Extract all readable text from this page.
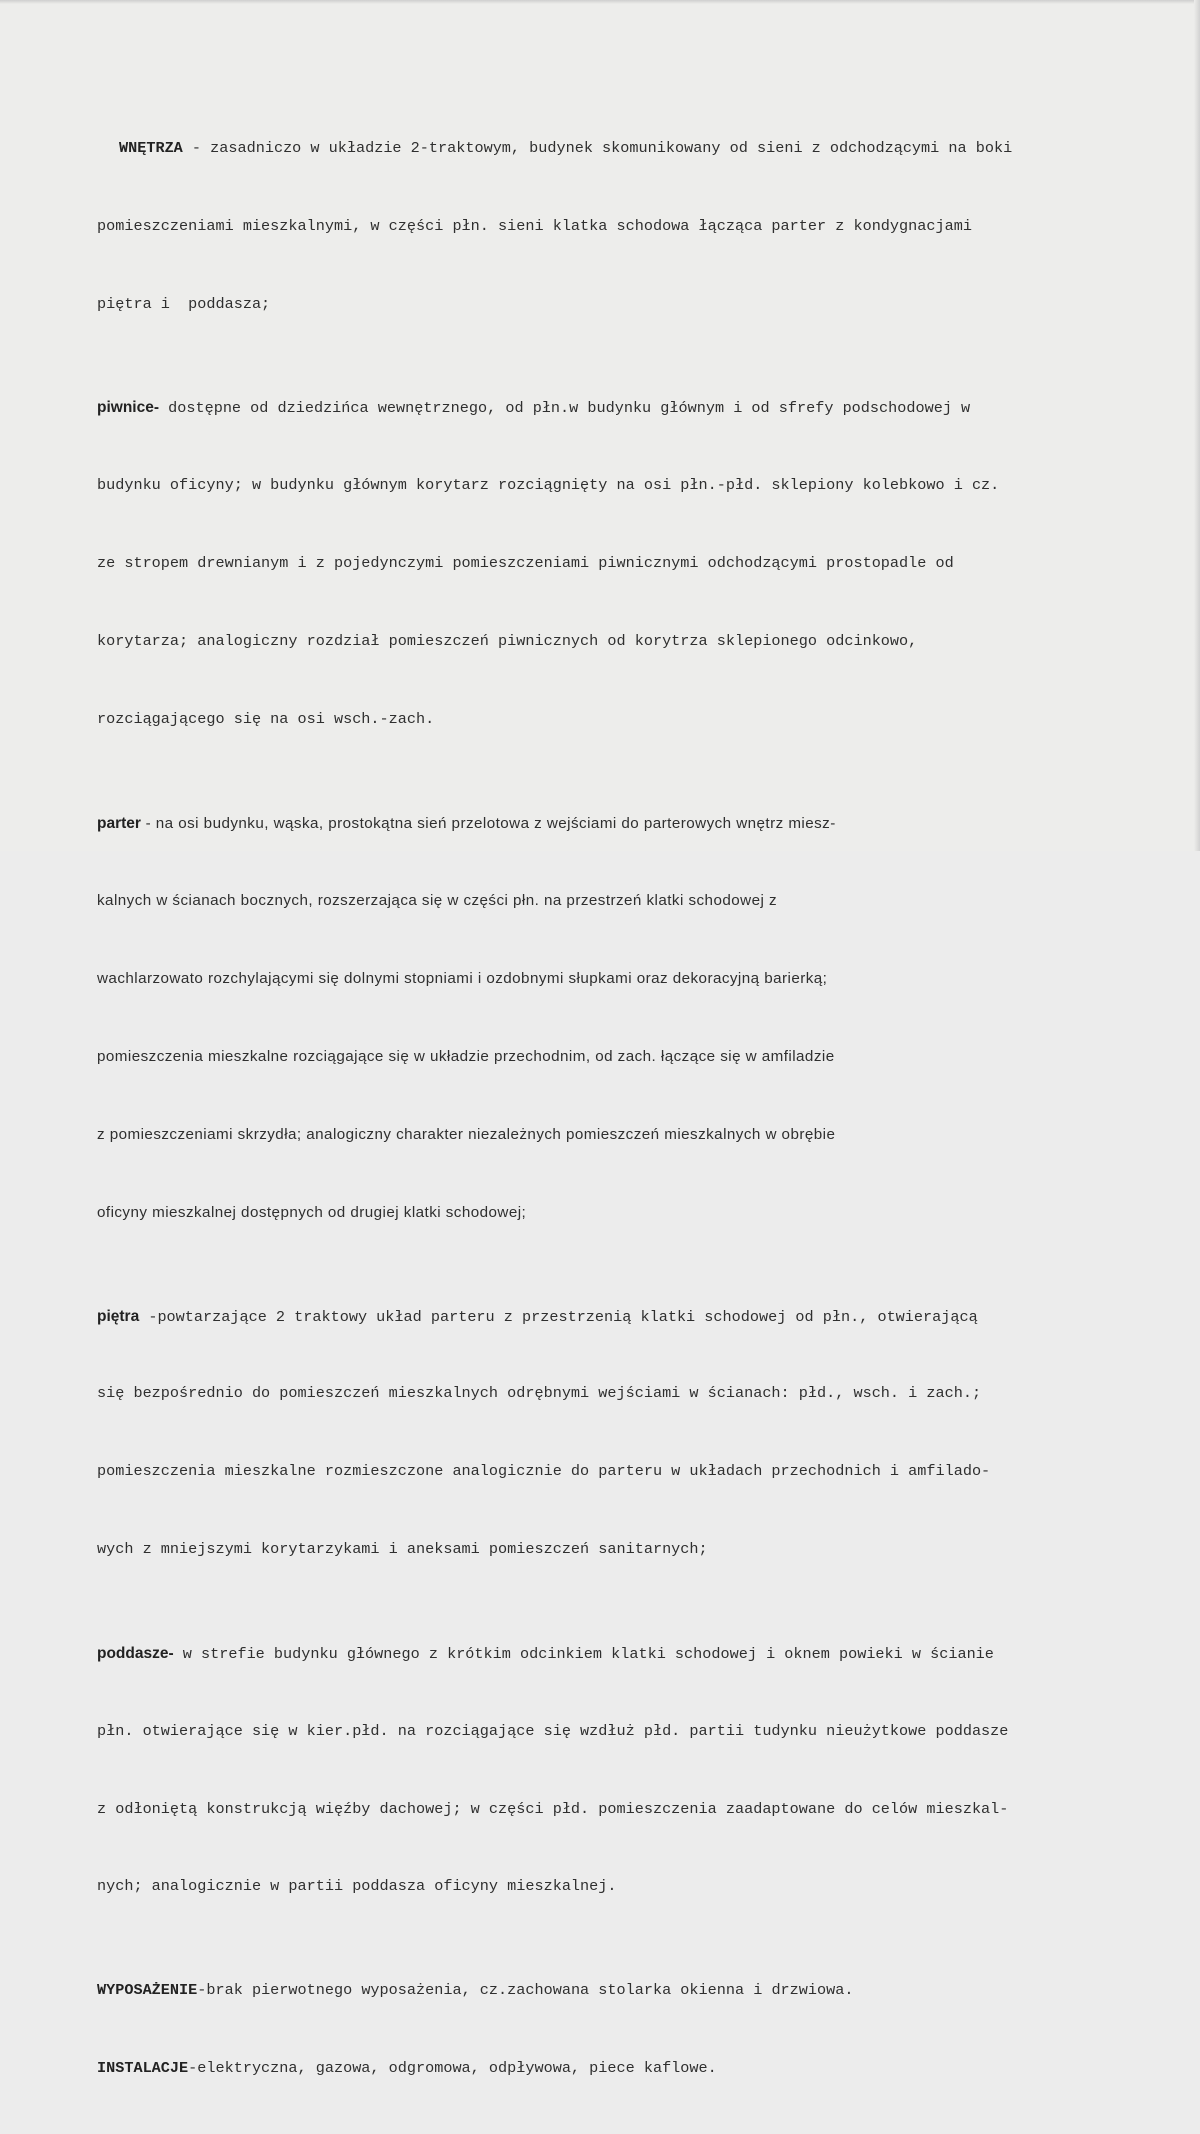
WNĘTRZA - zasadniczo w układzie 2-traktowym, budynek skomunikowany od sieni z odchodzącymi na boki

pomieszczeniami mieszkalnymi, w części płn. sieni klatka schodowa łącząca parter z kondygnacjami

piętra i  poddasza;

piwnice- dostępne od dziedzińca wewnętrznego, od płn.w budynku głównym i od sfrefy podschodowej w

budynku oficyny; w budynku głównym korytarz rozciągnięty na osi płn.-płd. sklepiony kolebkowo i cz.

ze stropem drewnianym i z pojedynczymi pomieszczeniami piwnicznymi odchodzącymi prostopadle od

korytarza; analogiczny rozdział pomieszczeń piwnicznych od korytrza sklepionego odcinkowo,

rozciągającego się na osi wsch.-zach.

parter - na osi budynku, wąska, prostokątna sień przelotowa z wejściami do parterowych wnętrz miesz-

kalnych w ścianach bocznych, rozszerzająca się w części płn. na przestrzeń klatki schodowej z

wachlarzowato rozchylającymi się dolnymi stopniami i ozdobnymi słupkami oraz dekoracyjną barierką;

pomieszczenia mieszkalne rozciągające się w układzie przechodnim, od zach. łączące się w amfiladzie

z pomieszczeniami skrzydła; analogiczny charakter niezależnych pomieszczeń mieszkalnych w obrębie

oficyny mieszkalnej dostępnych od drugiej klatki schodowej;

piętra -powtarzające 2 traktowy układ parteru z przestrzenią klatki schodowej od płn., otwierającą

się bezpośrednio do pomieszczeń mieszkalnych odrębnymi wejściami w ścianach: płd., wsch. i zach.;

pomieszczenia mieszkalne rozmieszczone analogicznie do parteru w układach przechodnich i amfilado-

wych z mniejszymi korytarzykami i aneksami pomieszczeń sanitarnych;

poddasze- w strefie budynku głównego z krótkim odcinkiem klatki schodowej i oknem powieki w ścianie

płn. otwierające się w kier.płd. na rozciągające się wzdłuż płd. partii tudynku nieużytkowe poddasze

z odłoniętą konstrukcją więźby dachowej; w części płd. pomieszczenia zaadaptowane do celów mieszkal-

nych; analogicznie w partii poddasza oficyny mieszkalnej.

WYPOSAŻENIE-brak pierwotnego wyposażenia, cz.zachowana stolarka okienna i drzwiowa.

INSTALACJE-elektryczna, gazowa, odgromowa, odpływowa, piece kaflowe.
